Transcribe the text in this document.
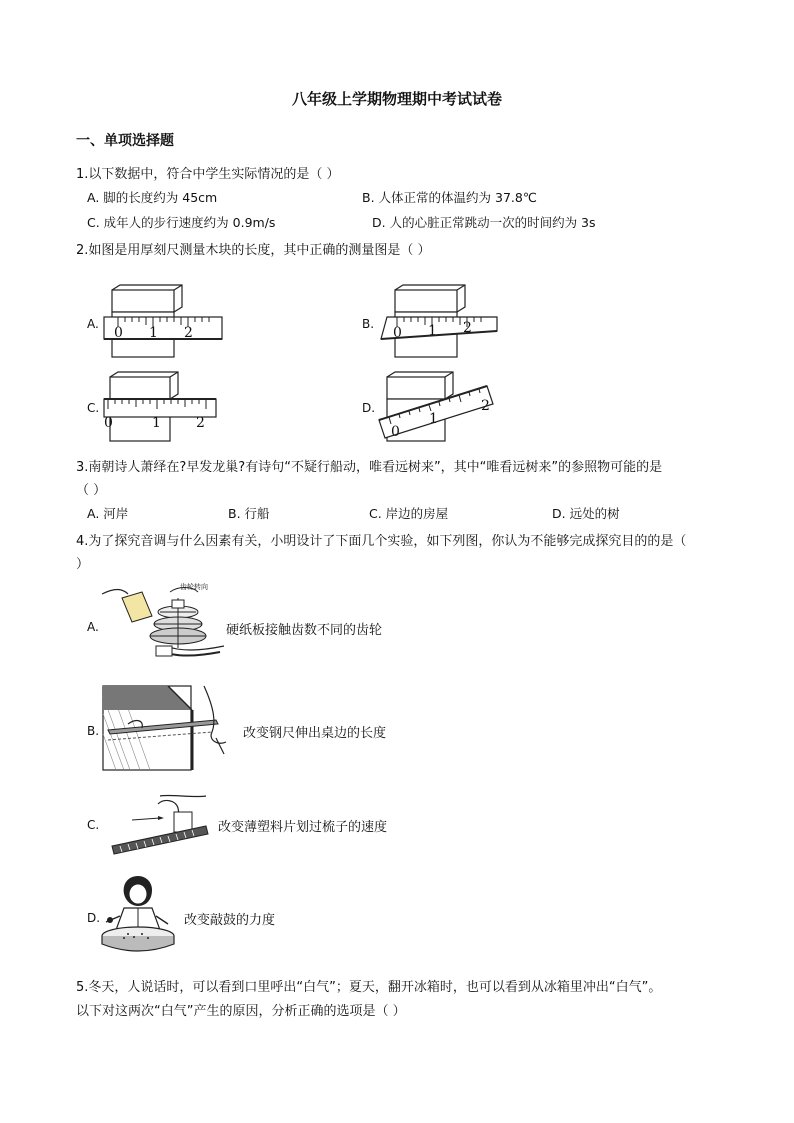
八年级上学期物理期中考试试卷
一、单项选择题
1.以下数据中，符合中学生实际情况的是（ ）
A. 脚的长度约为 45cm	B. 人体正常的体温约为 37.8℃
C. 成年人的步行速度约为 0.9m/s	D. 人的心脏正常跳动一次的时间约为 3s
2.如图是用厚刻尺测量木块的长度，其中正确的测量图是（ ）
A.
0 1 2
B.
0 1 2
C.
0	1	2
D.
0
1
2
3.南朝诗人萧绎在?早发龙巢?有诗句“不疑行船动，唯看远树来”，其中“唯看远树来”的参照物可能的是
（ ）
A. 河岸	B. 行船	C. 岸边的房屋	D. 远处的树
4.为了探究音调与什么因素有关，小明设计了下面几个实验，如下列图，你认为不能够完成探究目的的是（
）
A.
齿轮转向
硬纸板接触齿数不同的齿轮
B.	改变钢尺伸出桌边的长度
C.	改变薄塑料片划过梳子的速度
D.	改变敲鼓的力度
5.冬天，人说话时，可以看到口里呼出“白气”；夏天，翻开冰箱时，也可以看到从冰箱里冲出“白气”。
以下对这两次“白气”产生的原因，分析正确的选项是（ ）
